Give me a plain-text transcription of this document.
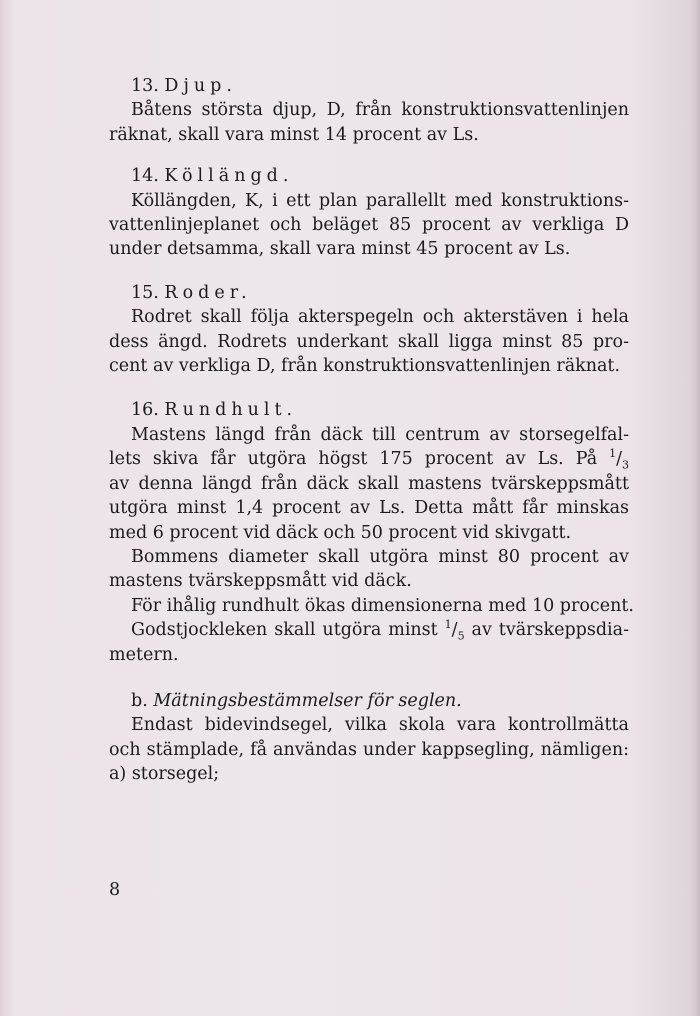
13. Djup.
Båtens största djup, D, från konstruktionsvattenlinjen
räknat, skall vara minst 14 procent av Ls.
14. Köllängd.
Köllängden, K, i ett plan parallellt med konstruktions-
vattenlinjeplanet och beläget 85 procent av verkliga D
under detsamma, skall vara minst 45 procent av Ls.
15. Roder.
Rodret skall följa akterspegeln och akterstäven i hela
dess ängd. Rodrets underkant skall ligga minst 85 pro-
cent av verkliga D, från konstruktionsvattenlinjen räknat.
16. Rundhult.
Mastens längd från däck till centrum av storsegelfal-
lets skiva får utgöra högst 175 procent av Ls. På $^1/_3$
av denna längd från däck skall mastens tvärskeppsmått
utgöra minst 1,4 procent av Ls. Detta mått får minskas
med 6 procent vid däck och 50 procent vid skivgatt.
Bommens diameter skall utgöra minst 80 procent av
mastens tvärskeppsmått vid däck.
För ihålig rundhult ökas dimensionerna med 10 procent.
Godstjockleken skall utgöra minst $^1/_5$ av tvärskeppsdia-
metern.
b. Mätningsbestämmelser för seglen.
Endast bidevindsegel, vilka skola vara kontrollmätta
och stämplade, få användas under kappsegling, nämligen:
a) storsegel;
8
